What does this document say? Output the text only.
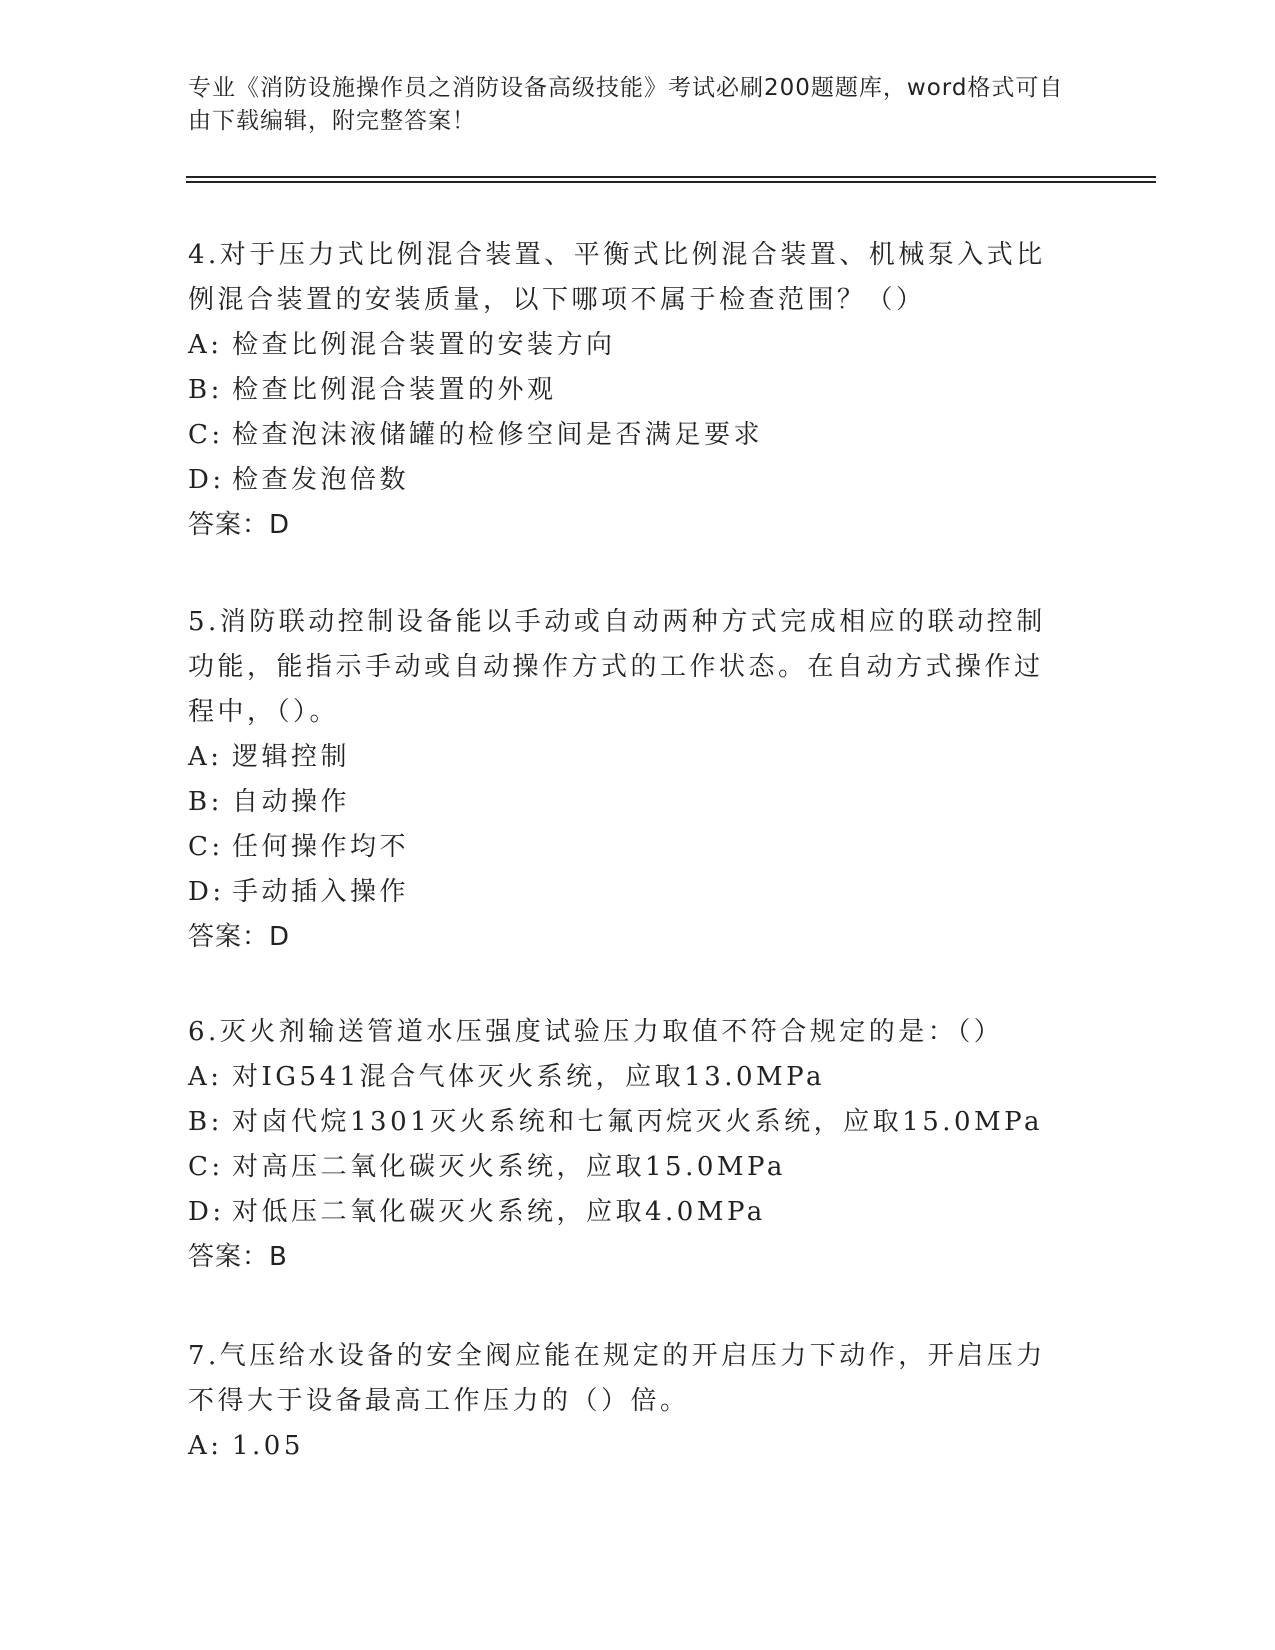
专业《消防设施操作员之消防设备高级技能》考试必刷200题题库，word格式可自由下载编辑，附完整答案！
4.对于压力式比例混合装置、平衡式比例混合装置、机械泵入式比例混合装置的安装质量，以下哪项不属于检查范围？（）
A: 检查比例混合装置的安装方向
B: 检查比例混合装置的外观
C: 检查泡沫液储罐的检修空间是否满足要求
D: 检查发泡倍数
答案：D
5.消防联动控制设备能以手动或自动两种方式完成相应的联动控制功能，能指示手动或自动操作方式的工作状态。在自动方式操作过程中，（）。
A: 逻辑控制
B: 自动操作
C: 任何操作均不
D: 手动插入操作
答案：D
6.灭火剂输送管道水压强度试验压力取值不符合规定的是：（）
A: 对IG541混合气体灭火系统，应取13.0MPa
B: 对卤代烷1301灭火系统和七氟丙烷灭火系统，应取15.0MPa
C: 对高压二氧化碳灭火系统，应取15.0MPa
D: 对低压二氧化碳灭火系统，应取4.0MPa
答案：B
7.气压给水设备的安全阀应能在规定的开启压力下动作，开启压力不得大于设备最高工作压力的（）倍。
A: 1.05
